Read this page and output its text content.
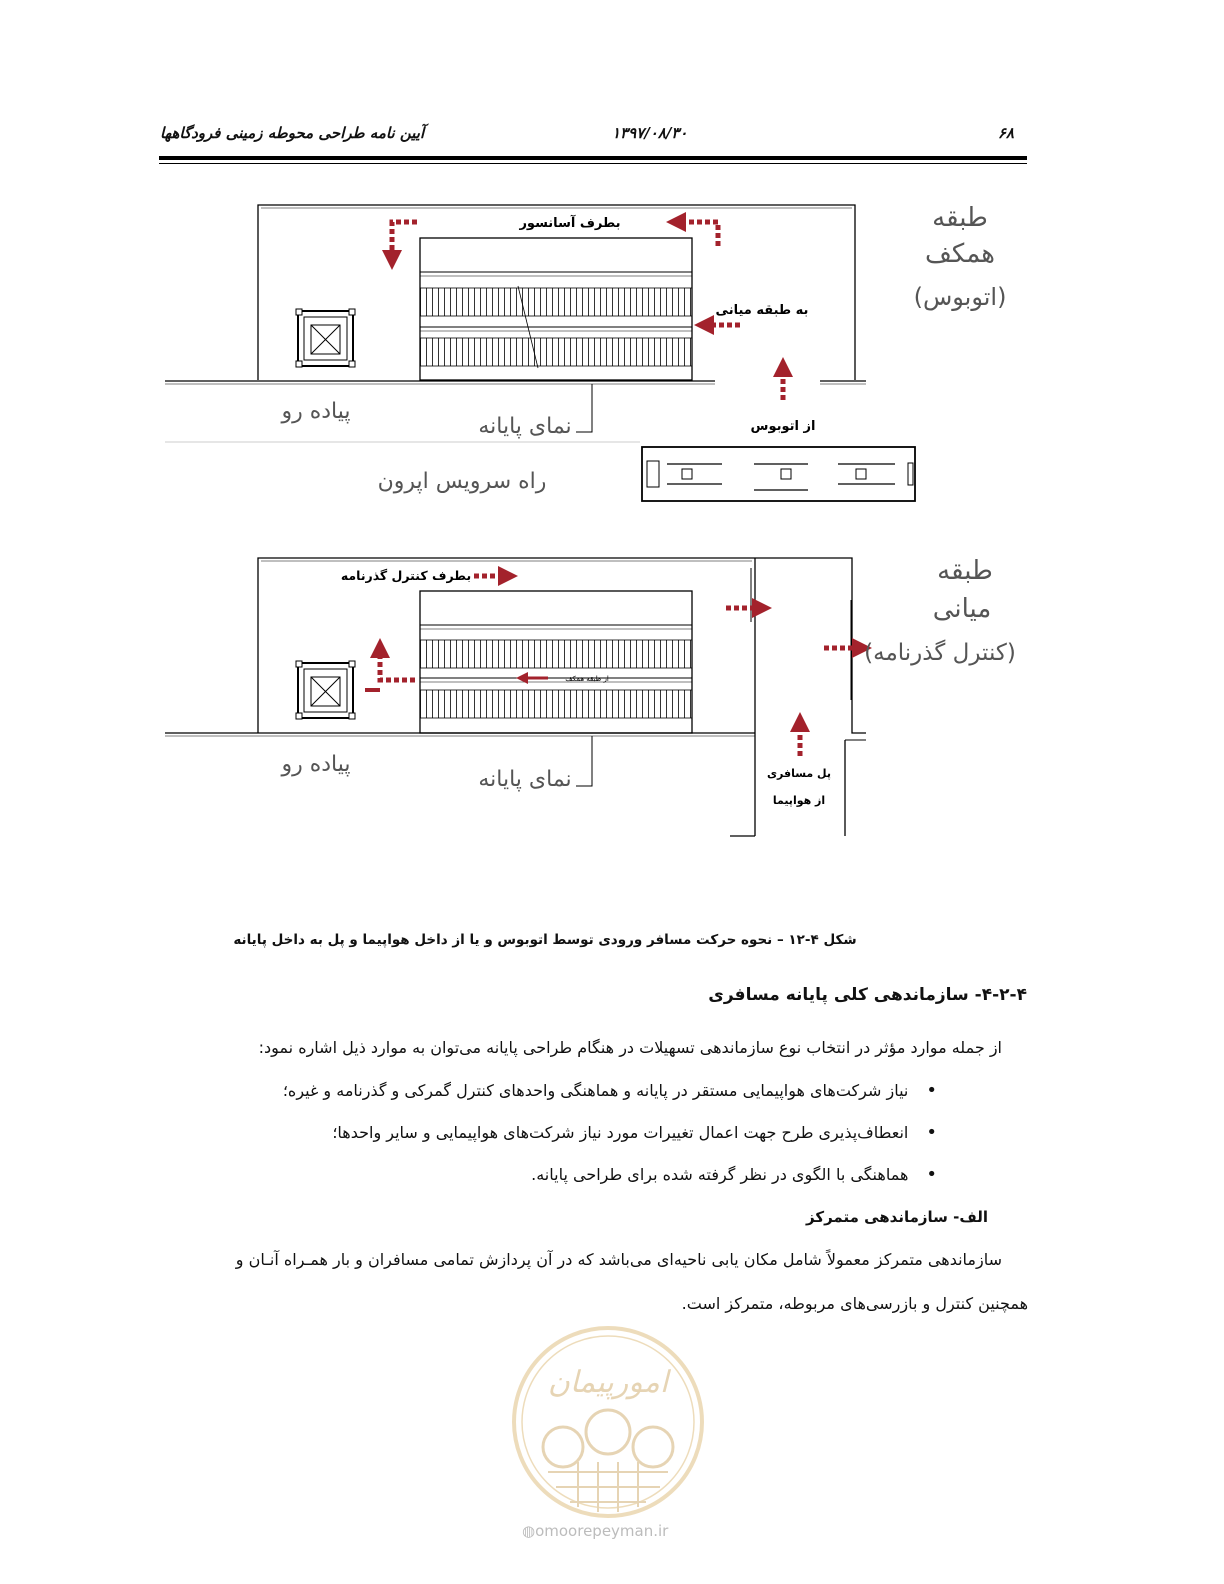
۶۸
۱۳۹۷/۰۸/۳۰
آیین نامه طراحی محوطه زمینی فرودگاهها
طبقه
همکف
(اتوبوس)
بطرف آسانسور
به طبقه میانی
از اتوبوس
پیاده رو
نمای پایانه
راه سرویس اپرون
طبقه
میانی
(کنترل گذرنامه)
بطرف کنترل گذرنامه
از طبقه همکف
پل مسافری
از هواپیما
پیاده رو
نمای پایانه
شکل ۴-۱۲ – نحوه حرکت مسافر ورودی توسط اتوبوس و یا از داخل هواپیما و پل به داخل پایانه
۴-۲-۴- سازماندهی کلی پایانه مسافری
از جمله موارد مؤثر در انتخاب نوع سازماندهی تسهیلات در هنگام طراحی پایانه می‌توان به موارد ذیل اشاره نمود:
•نیاز شرکت‌های هواپیمایی مستقر در پایانه و هماهنگی واحدهای کنترل گمرکی و گذرنامه و غیره؛
•انعطاف‌پذیری طرح جهت اعمال تغییرات مورد نیاز شرکت‌های هواپیمایی و سایر واحدها؛
•هماهنگی با الگوی در نظر گرفته شده برای طراحی پایانه.
الف- سازماندهی متمرکز
سازماندهی متمرکز معمولاً شامل مکان یابی ناحیه‌ای می‌باشد که در آن پردازش تمامی مسافران و بار همـراه آنـان و
همچنین کنترل و بازرسی‌های مربوطه، متمرکز است.
امورپیمان
◍omoorepeyman.ir
